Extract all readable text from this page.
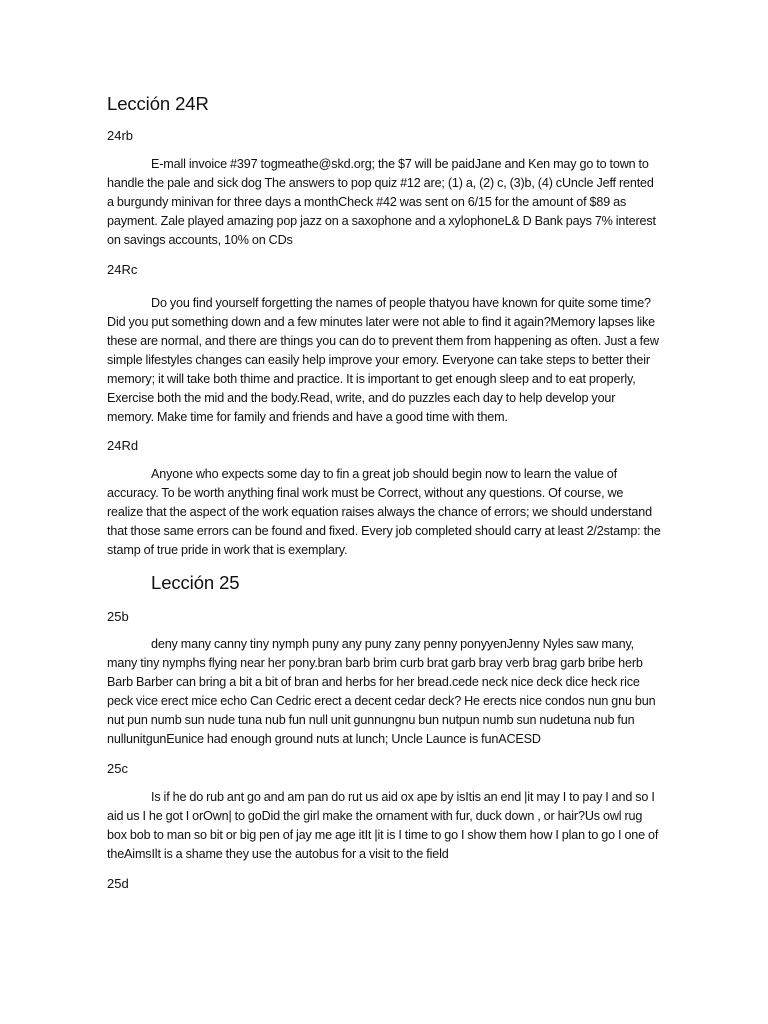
Lección 24R
24rb

E-mall invoice #397 togmeathe@skd.org; the $7 will be paidJane and Ken may go to town to handle the pale and sick dog The answers to pop quiz #12 are; (1) a, (2) c, (3)b, (4) cUncle Jeff rented a burgundy minivan for three days a monthCheck #42 was sent on 6/15 for the amount of $89 as payment. Zale played amazing pop jazz on a saxophone and a xylophoneL& D Bank pays 7% interest on savings accounts, 10% on CDs

24Rc

Do you find yourself forgetting the names of people thatyou have known for quite some time? Did you put something down and a few minutes later were not able to find it again?Memory lapses like these are normal, and there are things you can do to prevent them from happening as often. Just a few simple lifestyles changes can easily help improve your emory. Everyone can take steps to better their memory; it will take both thime and practice. It is important to get enough sleep and to eat properly, Exercise both the mid and the body.Read, write, and do puzzles each day to help develop your memory. Make time for family and friends and have a good time with them.

24Rd

Anyone who expects some day to fin a great job should begin now to learn the value of accuracy. To be worth anything final work must be Correct, without any questions. Of course, we realize that the aspect of the work equation raises always the chance of errors; we should understand that those same errors can be found and fixed. Every job completed should carry at least 2/2stamp: the stamp of true pride in work that is exemplary.

Lección 25
25b

deny many canny tiny nymph puny any puny zany penny ponyyenJenny Nyles saw many, many tiny nymphs flying near her pony.bran barb brim curb brat garb bray verb brag garb bribe herb Barb Barber can bring a bit a bit of bran and herbs for her bread.cede neck nice deck dice heck rice peck vice erect mice echo Can Cedric erect a decent cedar deck? He erects nice condos nun gnu bun nut pun numb sun nude tuna nub fun null unit gunnungnu bun nutpun numb sun nudetuna nub fun nullunitgunEunice had enough ground nuts at lunch; Uncle Launce is funACESD

25c

Is if he do rub ant go and am pan do rut us aid ox ape by isItis an end |it may I to pay I and so I aid us I he got I orOwn| to goDid the girl make the ornament with fur, duck down , or hair?Us owl rug box bob to man so bit or big pen of jay me age itIt |it is I time to go I show them how I plan to go I one of theAimsIlt is a shame they use the autobus for a visit to the field

25d
